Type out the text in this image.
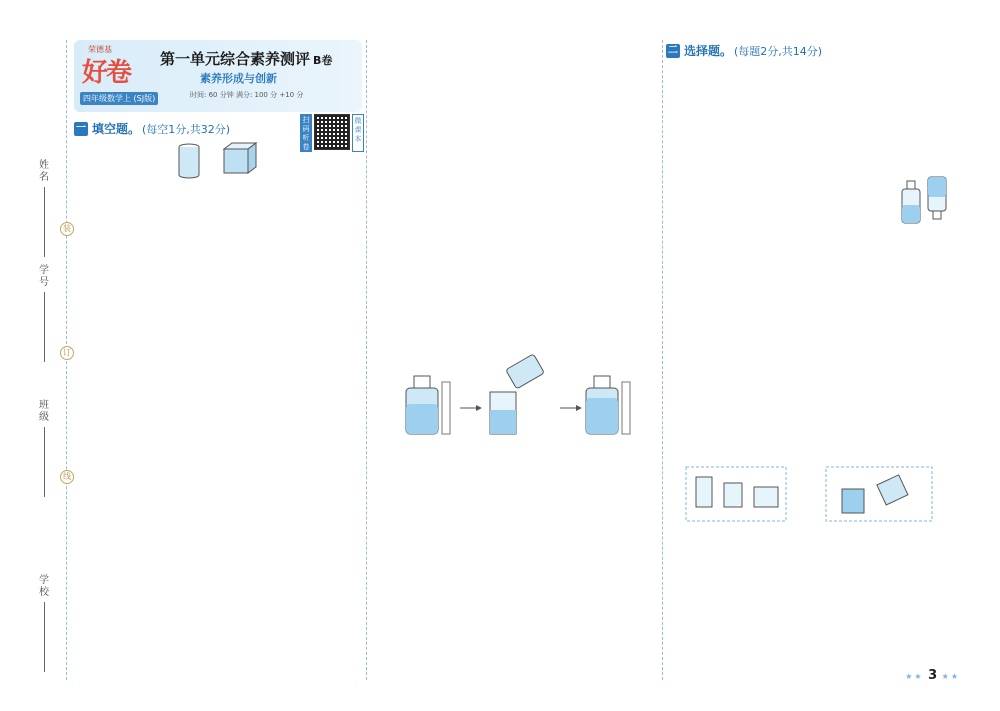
姓名
学号
班级
学校
装
订
线
荣德基
好卷
四年级数学上 (SJ版)
第一单元综合素养测评 B卷
素养形成与创新
时间: 60 分钟 满分: 100 分 +10 分
扫码听卷
微课本
一 填空题。 (每空1分,共32分)
二 选择题。 (每题2分,共14分)
★★ 3 ★★
